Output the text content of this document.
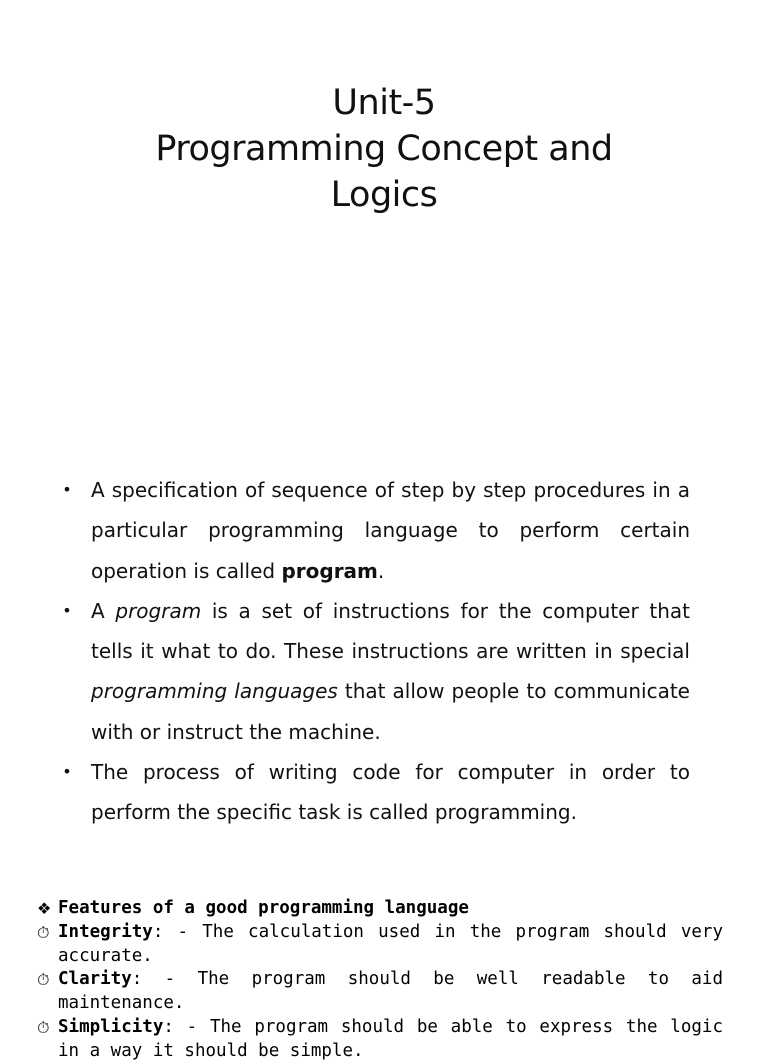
Unit-5
Programming Concept and
Logics
• A specification of sequence of step by step procedures in a particular programming language to perform certain operation is called program.
• A program is a set of instructions for the computer that tells it what to do. These instructions are written in special programming languages that allow people to communicate with or instruct the machine.
• The process of writing code for computer in order to perform the specific task is called programming.
❖ Features of a good programming language
⏱ Integrity: - The calculation used in the program should very accurate.
⏱ Clarity: - The program should be well readable to aid maintenance.
⏱ Simplicity: - The program should be able to express the logic in a way it should be simple.
